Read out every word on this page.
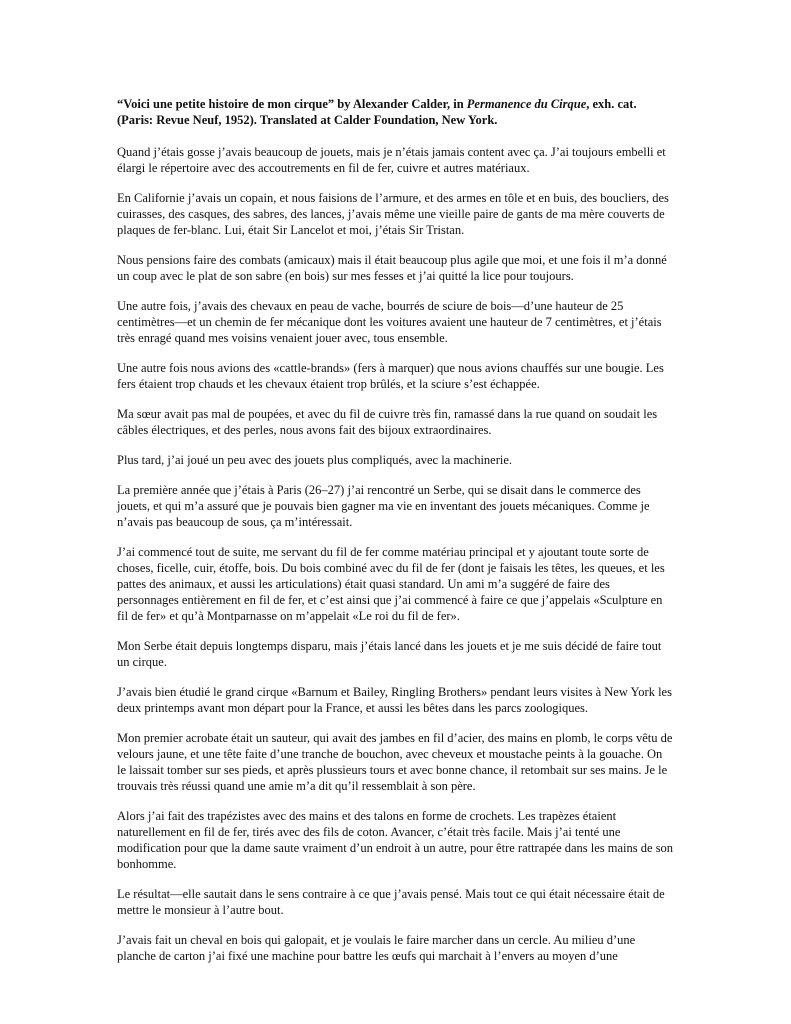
“Voici une petite histoire de mon cirque” by Alexander Calder, in Permanence du Cirque, exh. cat. (Paris: Revue Neuf, 1952). Translated at Calder Foundation, New York.

Quand j’étais gosse j’avais beaucoup de jouets, mais je n’étais jamais content avec ça. J’ai toujours embelli et élargi le répertoire avec des accoutrements en fil de fer, cuivre et autres matériaux.

En Californie j’avais un copain, et nous faisions de l’armure, et des armes en tôle et en buis, des boucliers, des cuirasses, des casques, des sabres, des lances, j’avais même une vieille paire de gants de ma mère couverts de plaques de fer-blanc. Lui, était Sir Lancelot et moi, j’étais Sir Tristan.

Nous pensions faire des combats (amicaux) mais il était beaucoup plus agile que moi, et une fois il m’a donné un coup avec le plat de son sabre (en bois) sur mes fesses et j’ai quitté la lice pour toujours.

Une autre fois, j’avais des chevaux en peau de vache, bourrés de sciure de bois—d’une hauteur de 25 centimètres—et un chemin de fer mécanique dont les voitures avaient une hauteur de 7 centimètres, et j’étais très enragé quand mes voisins venaient jouer avec, tous ensemble.

Une autre fois nous avions des «cattle-brands» (fers à marquer) que nous avions chauffés sur une bougie. Les fers étaient trop chauds et les chevaux étaient trop brûlés, et la sciure s’est échappée.

Ma sœur avait pas mal de poupées, et avec du fil de cuivre très fin, ramassé dans la rue quand on soudait les câbles électriques, et des perles, nous avons fait des bijoux extraordinaires.

Plus tard, j’ai joué un peu avec des jouets plus compliqués, avec la machinerie.

La première année que j’étais à Paris (26–27) j’ai rencontré un Serbe, qui se disait dans le commerce des jouets, et qui m’a assuré que je pouvais bien gagner ma vie en inventant des jouets mécaniques. Comme je n’avais pas beaucoup de sous, ça m’intéressait.

J’ai commencé tout de suite, me servant du fil de fer comme matériau principal et y ajoutant toute sorte de choses, ficelle, cuir, étoffe, bois. Du bois combiné avec du fil de fer (dont je faisais les têtes, les queues, et les pattes des animaux, et aussi les articulations) était quasi standard. Un ami m’a suggéré de faire des personnages entièrement en fil de fer, et c’est ainsi que j’ai commencé à faire ce que j’appelais «Sculpture en fil de fer» et qu’à Montparnasse on m’appelait «Le roi du fil de fer».

Mon Serbe était depuis longtemps disparu, mais j’étais lancé dans les jouets et je me suis décidé de faire tout un cirque.

J’avais bien étudié le grand cirque «Barnum et Bailey, Ringling Brothers» pendant leurs visites à New York les deux printemps avant mon départ pour la France, et aussi les bêtes dans les parcs zoologiques.

Mon premier acrobate était un sauteur, qui avait des jambes en fil d’acier, des mains en plomb, le corps vêtu de velours jaune, et une tête faite d’une tranche de bouchon, avec cheveux et moustache peints à la gouache. On le laissait tomber sur ses pieds, et après plussieurs tours et avec bonne chance, il retombait sur ses mains. Je le trouvais très réussi quand une amie m’a dit qu’il ressemblait à son père.

Alors j’ai fait des trapézistes avec des mains et des talons en forme de crochets. Les trapèzes étaient naturellement en fil de fer, tirés avec des fils de coton. Avancer, c’était très facile. Mais j’ai tenté une modification pour que la dame saute vraiment d’un endroit à un autre, pour être rattrapée dans les mains de son bonhomme.

Le résultat—elle sautait dans le sens contraire à ce que j’avais pensé. Mais tout ce qui était nécessaire était de mettre le monsieur à l’autre bout.

J’avais fait un cheval en bois qui galopait, et je voulais le faire marcher dans un cercle. Au milieu d’une planche de carton j’ai fixé une machine pour battre les œufs qui marchait à l’envers au moyen d’une
